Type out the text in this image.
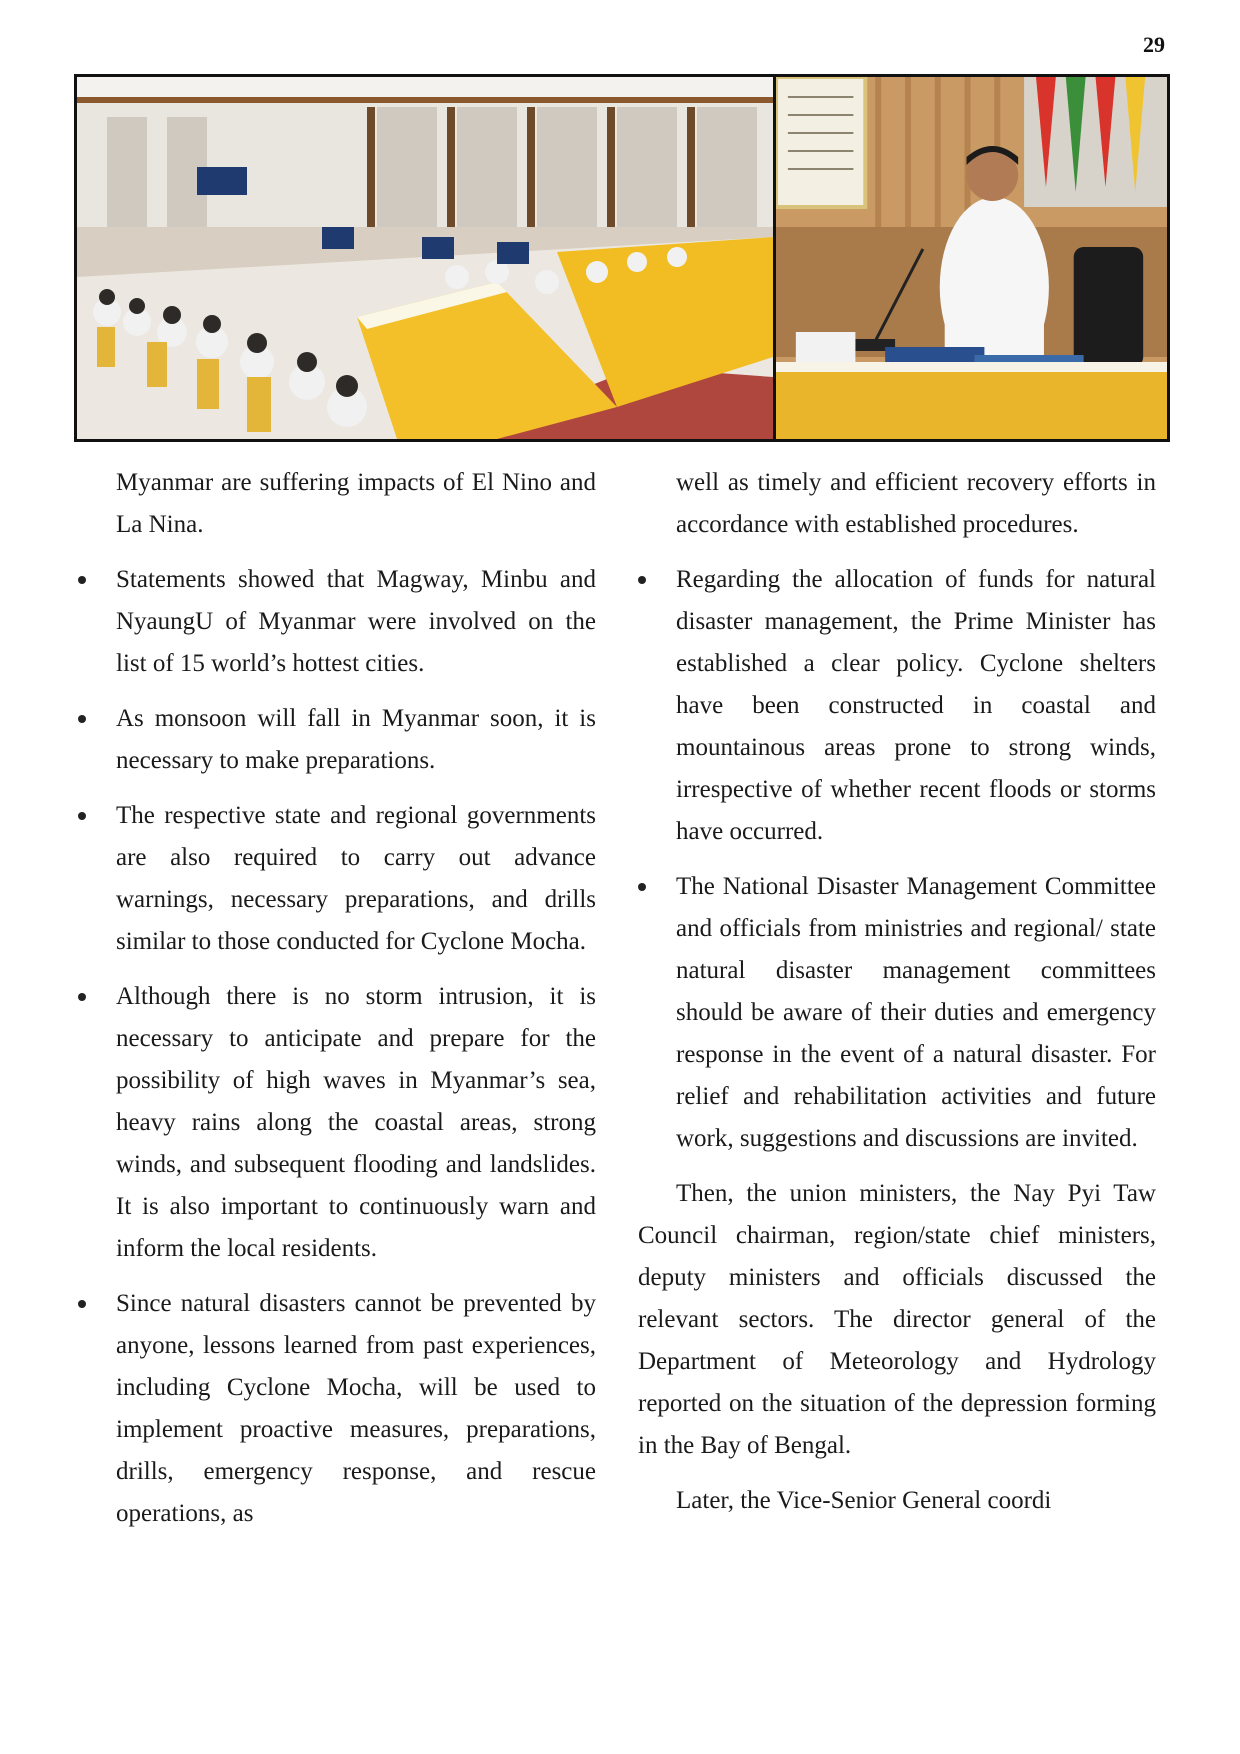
29

Myanmar are suffering impacts of El Nino and La Nina.

Statements showed that Magway, Minbu and NyaungU of Myanmar were involved on the list of 15 world’s hottest cities.
As monsoon will fall in Myanmar soon, it is necessary to make preparations.
The respective state and regional governments are also required to carry out advance warnings, necessary preparations, and drills similar to those conducted for Cyclone Mocha.
Although there is no storm intrusion, it is necessary to anticipate and prepare for the possibility of high waves in Myanmar’s sea, heavy rains along the coastal areas, strong winds, and subsequent flooding and landslides. It is also important to continuously warn and inform the local residents.
Since natural disasters cannot be prevented by anyone, lessons learned from past experiences, including Cyclone Mocha, will be used to implement proactive measures, preparations, drills, emergency response, and rescue operations, as

well as timely and efficient recovery efforts in accordance with established procedures.

Regarding the allocation of funds for natural disaster management, the Prime Minister has established a clear policy. Cyclone shelters have been constructed in coastal and mountainous areas prone to strong winds, irrespective of whether recent floods or storms have occurred.
The National Disaster Management Committee and officials from ministries and regional/ state natural disaster management committees should be aware of their duties and emergency response in the event of a natural disaster. For relief and rehabilitation activities and future work, suggestions and discussions are invited.

Then, the union ministers, the Nay Pyi Taw Council chairman, region/state chief ministers, deputy ministers and officials discussed the relevant sectors. The director general of the Department of Meteorology and Hydrology reported on the situation of the depression forming in the Bay of Bengal.

Later, the Vice-Senior General coordi
